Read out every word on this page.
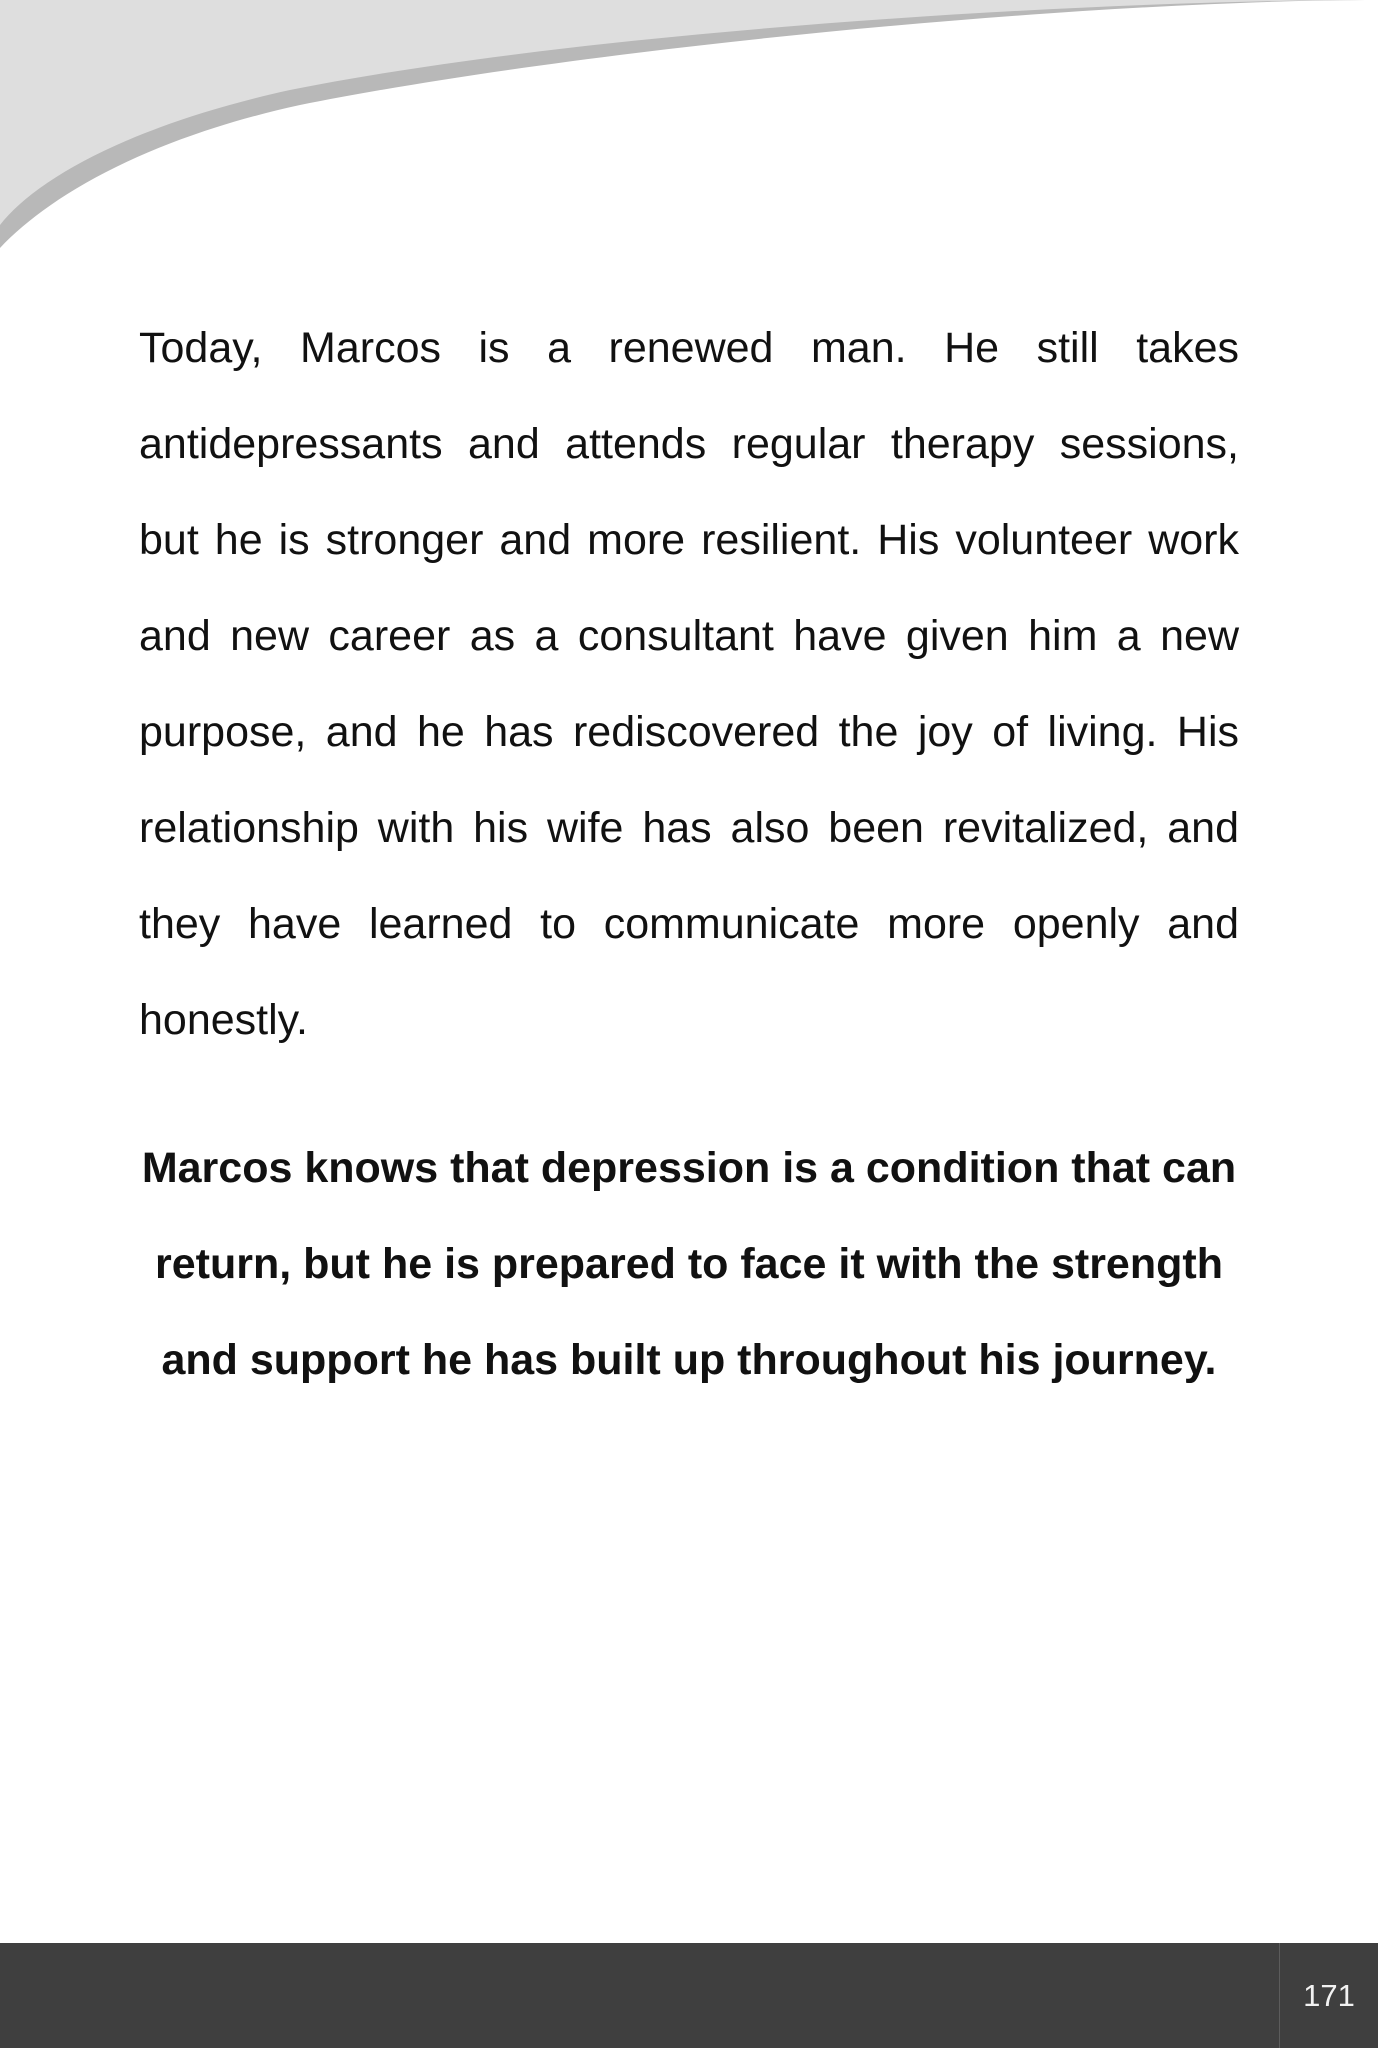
Today, Marcos is a renewed man. He still takes antidepressants and attends regular therapy sessions, but he is stronger and more resilient. His volunteer work and new career as a consultant have given him a new purpose, and he has rediscovered the joy of living. His relationship with his wife has also been revitalized, and they have learned to communicate more openly and honestly.

Marcos knows that depression is a condition that can return, but he is prepared to face it with the strength and support he has built up throughout his journey.

171
